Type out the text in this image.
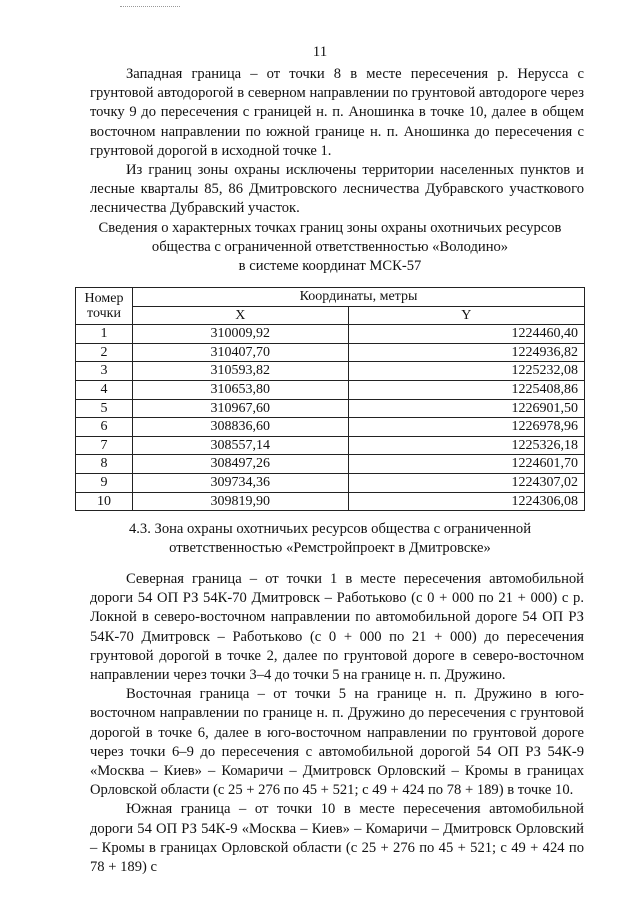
11

Западная граница – от точки 8 в месте пересечения р. Нерусса с грунтовой автодорогой в северном направлении по грунтовой автодороге через точку 9 до пересечения с границей н. п. Аношинка в точке 10, далее в общем восточном направлении по южной границе н. п. Аношинка до пересечения с грунтовой дорогой в исходной точке 1.

Из границ зоны охраны исключены территории населенных пунктов и лесные кварталы 85, 86 Дмитровского лесничества Дубравского участкового лесничества Дубравский участок.

Сведения о характерных точках границ зоны охраны охотничьих ресурсов
общества с ограниченной ответственностью «Володино»
в системе координат МСК-57
Номер
точки	Координаты, метры	
	X	Y
1	310009,92	1224460,40
2	310407,70	1224936,82
3	310593,82	1225232,08
4	310653,80	1225408,86
5	310967,60	1226901,50
6	308836,60	1226978,96
7	308557,14	1225326,18
8	308497,26	1224601,70
9	309734,36	1224307,02
10	309819,90	1224306,08
4.3. Зона охраны охотничьих ресурсов общества с ограниченной
ответственностью «Ремстройпроект в Дмитровске»

Северная граница – от точки 1 в месте пересечения автомобильной дороги 54 ОП РЗ 54К-70 Дмитровск – Работьково (с 0 + 000 по 21 + 000) с р. Локной в северо-восточном направлении по автомобильной дороге 54 ОП РЗ 54К-70 Дмитровск – Работьково (с 0 + 000 по 21 + 000) до пересечения грунтовой дорогой в точке 2, далее по грунтовой дороге в северо-восточном направлении через точки 3–4 до точки 5 на границе н. п. Дружино.

Восточная граница – от точки 5 на границе н. п. Дружино в юго-восточном направлении по границе н. п. Дружино до пересечения с грунтовой дорогой в точке 6, далее в юго-восточном направлении по грунтовой дороге через точки 6–9 до пересечения с автомобильной дорогой 54 ОП РЗ 54К-9 «Москва – Киев» – Комаричи – Дмитровск Орловский – Кромы в границах Орловской области (с 25 + 276 по 45 + 521; с 49 + 424 по 78 + 189) в точке 10.

Южная граница – от точки 10 в месте пересечения автомобильной дороги 54 ОП РЗ 54К-9 «Москва – Киев» – Комаричи – Дмитровск Орловский – Кромы в границах Орловской области (с 25 + 276 по 45 + 521; с 49 + 424 по 78 + 189) с
